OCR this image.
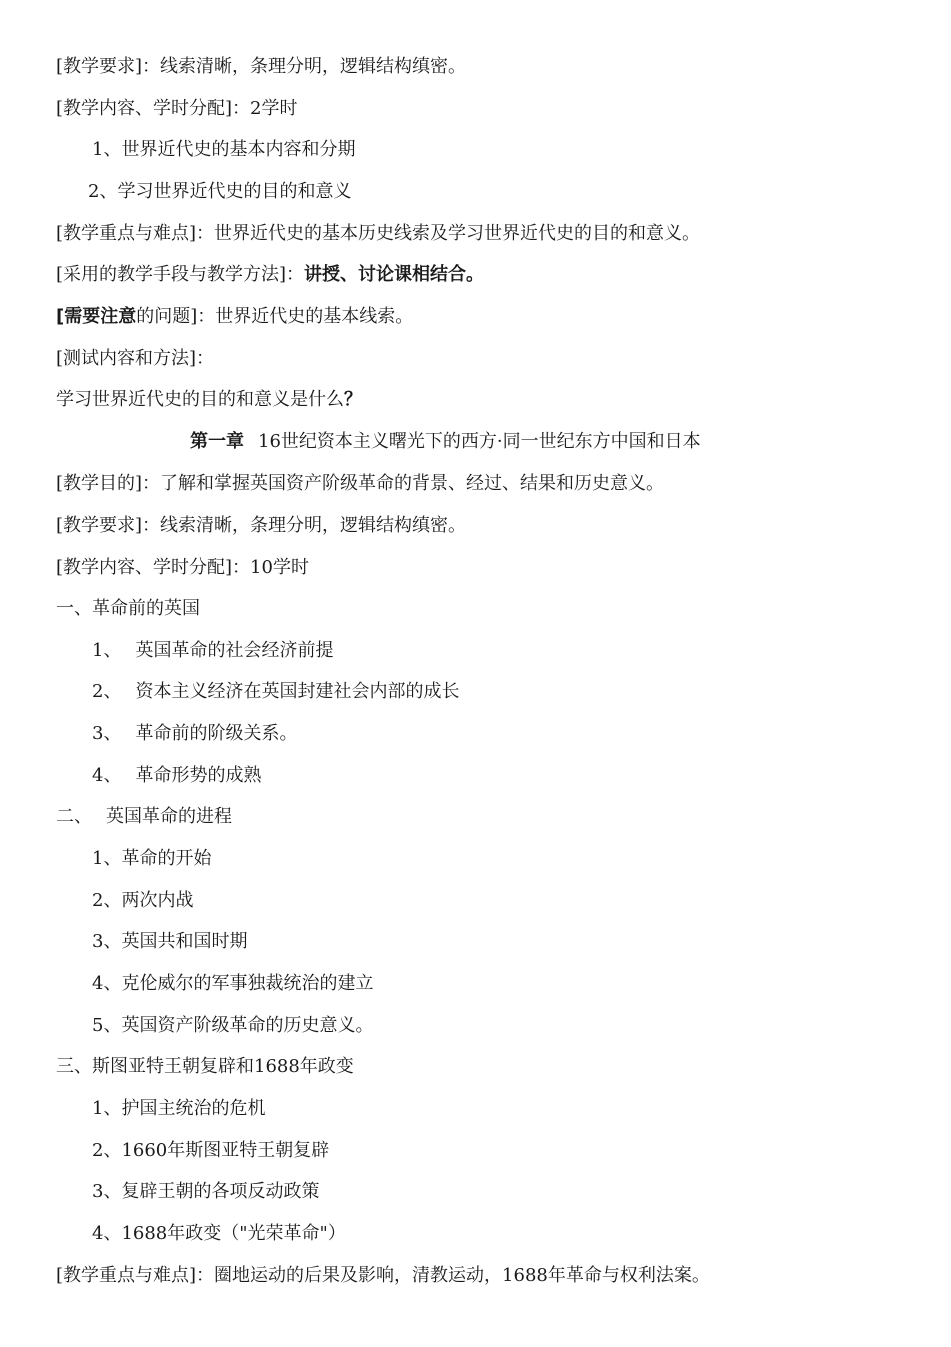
[教学要求]：线索清晰，条理分明，逻辑结构缜密。
[教学内容、学时分配]：2学时
1、世界近代史的基本内容和分期
2、学习世界近代史的目的和意义
[教学重点与难点]：世界近代史的基本历史线索及学习世界近代史的目的和意义。
[采用的教学手段与教学方法]：讲授、讨论课相结合。
[需要注意的问题]：世界近代史的基本线索。
[测试内容和方法]：
学习世界近代史的目的和意义是什么？
第一章 16世纪资本主义曙光下的西方·同一世纪东方中国和日本
[教学目的]：了解和掌握英国资产阶级革命的背景、经过、结果和历史意义。
[教学要求]：线索清晰，条理分明，逻辑结构缜密。
[教学内容、学时分配]：10学时
一、革命前的英国
1、 英国革命的社会经济前提
2、 资本主义经济在英国封建社会内部的成长
3、 革命前的阶级关系。
4、 革命形势的成熟
二、 英国革命的进程
1、革命的开始
2、两次内战
3、英国共和国时期
4、克伦威尔的军事独裁统治的建立
5、英国资产阶级革命的历史意义。
三、斯图亚特王朝复辟和1688年政变
1、护国主统治的危机
2、1660年斯图亚特王朝复辟
3、复辟王朝的各项反动政策
4、1688年政变（"光荣革命"）
[教学重点与难点]：圈地运动的后果及影响，清教运动，1688年革命与权利法案。
